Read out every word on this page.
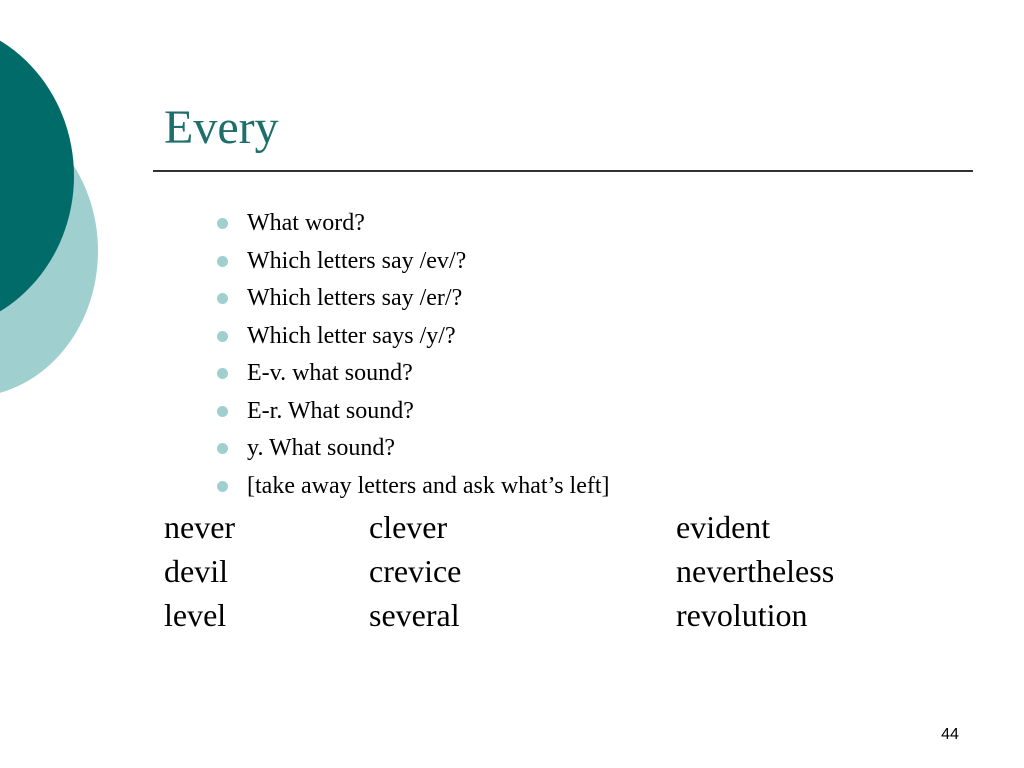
Every
What word?
Which letters say /ev/?
Which letters say /er/?
Which letter says /y/?
E-v. what sound?
E-r. What sound?
y. What sound?
[take away letters and ask what’s left]
never	clever	evident
devil	crevice	nevertheless
level	several	revolution
44
